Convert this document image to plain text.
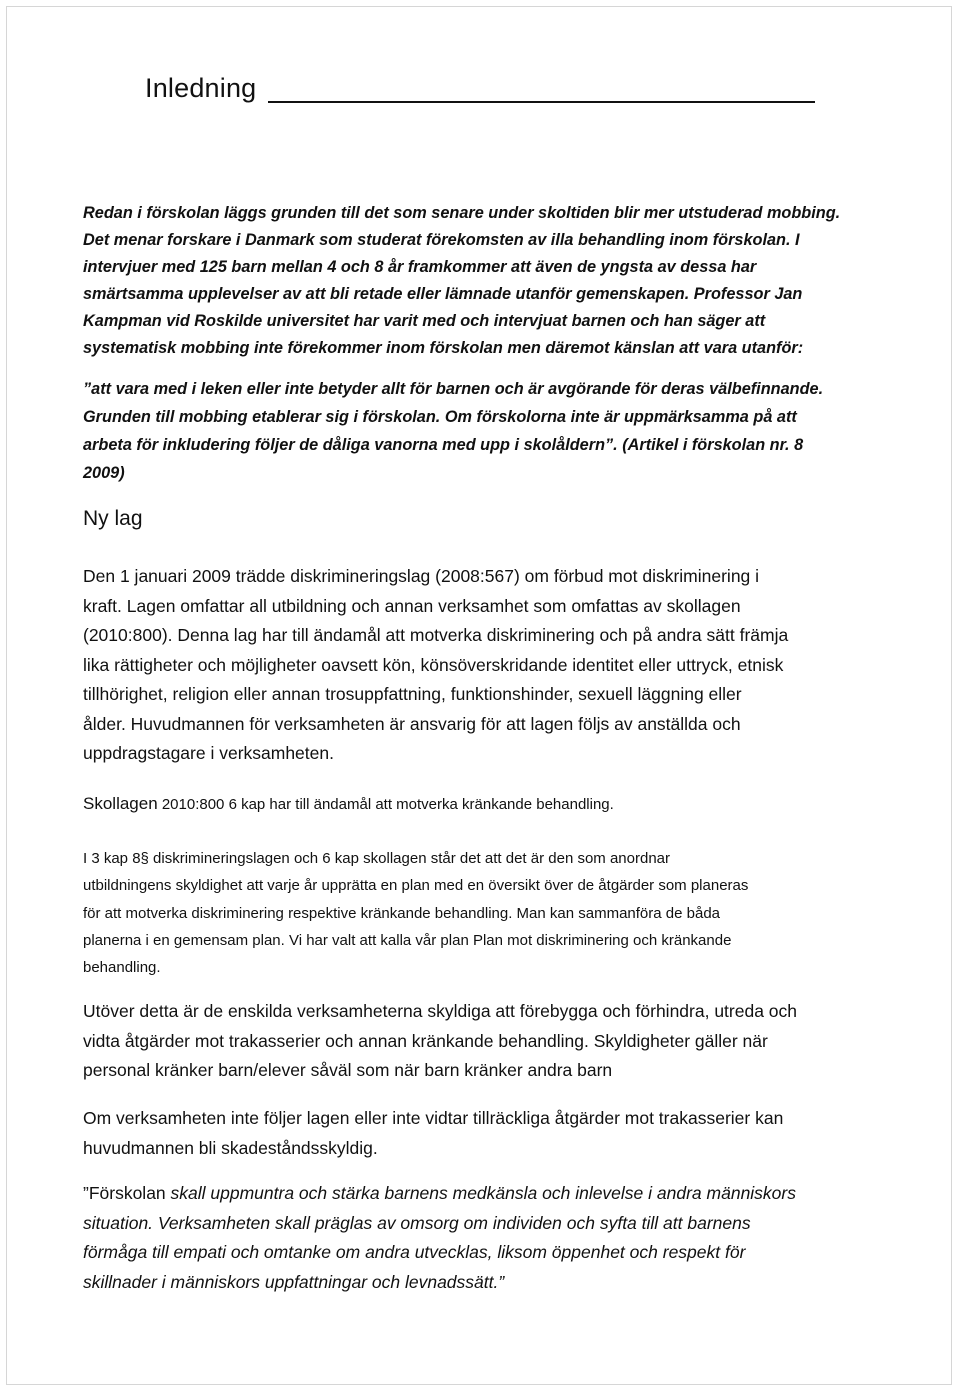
Inledning

Redan i förskolan läggs grunden till det som senare under skoltiden blir mer utstuderad mobbing.
Det menar forskare i Danmark som studerat förekomsten av illa behandling inom förskolan. I
intervjuer med 125 barn mellan 4 och 8 år framkommer att även de yngsta av dessa har
smärtsamma upplevelser av att bli retade eller lämnade utanför gemenskapen. Professor Jan
Kampman vid Roskilde universitet har varit med och intervjuat barnen och han säger att
systematisk mobbing inte förekommer inom förskolan men däremot känslan att vara utanför:

”att vara med i leken eller inte betyder allt för barnen och är avgörande för deras välbefinnande.
Grunden till mobbing etablerar sig i förskolan. Om förskolorna inte är uppmärksamma på att
arbeta för inkludering följer de dåliga vanorna med upp i skolåldern”. (Artikel i förskolan nr. 8
2009)

Ny lag

Den 1 januari 2009 trädde diskrimineringslag (2008:567) om förbud mot diskriminering i
kraft. Lagen omfattar all utbildning och annan verksamhet som omfattas av skollagen
(2010:800). Denna lag har till ändamål att motverka diskriminering och på andra sätt främja
lika rättigheter och möjligheter oavsett kön, könsöverskridande identitet eller uttryck, etnisk
tillhörighet, religion eller annan trosuppfattning, funktionshinder, sexuell läggning eller
ålder. Huvudmannen för verksamheten är ansvarig för att lagen följs av anställda och
uppdragstagare i verksamheten.

Skollagen 2010:800 6 kap har till ändamål att motverka kränkande behandling.

I 3 kap 8§ diskrimineringslagen och 6 kap skollagen står det att det är den som anordnar
utbildningens skyldighet att varje år upprätta en plan med en översikt över de åtgärder som planeras
för att motverka diskriminering respektive kränkande behandling. Man kan sammanföra de båda
planerna i en gemensam plan. Vi har valt att kalla vår plan Plan mot diskriminering och kränkande
behandling.

Utöver detta är de enskilda verksamheterna skyldiga att förebygga och förhindra, utreda och
vidta åtgärder mot trakasserier och annan kränkande behandling. Skyldigheter gäller när
personal kränker barn/elever såväl som när barn kränker andra barn

Om verksamheten inte följer lagen eller inte vidtar tillräckliga åtgärder mot trakasserier kan
huvudmannen bli skadeståndsskyldig.

”Förskolan skall uppmuntra och stärka barnens medkänsla och inlevelse i andra människors
situation. Verksamheten skall präglas av omsorg om individen och syfta till att barnens
förmåga till empati och omtanke om andra utvecklas, liksom öppenhet och respekt för
skillnader i människors uppfattningar och levnadssätt.”
